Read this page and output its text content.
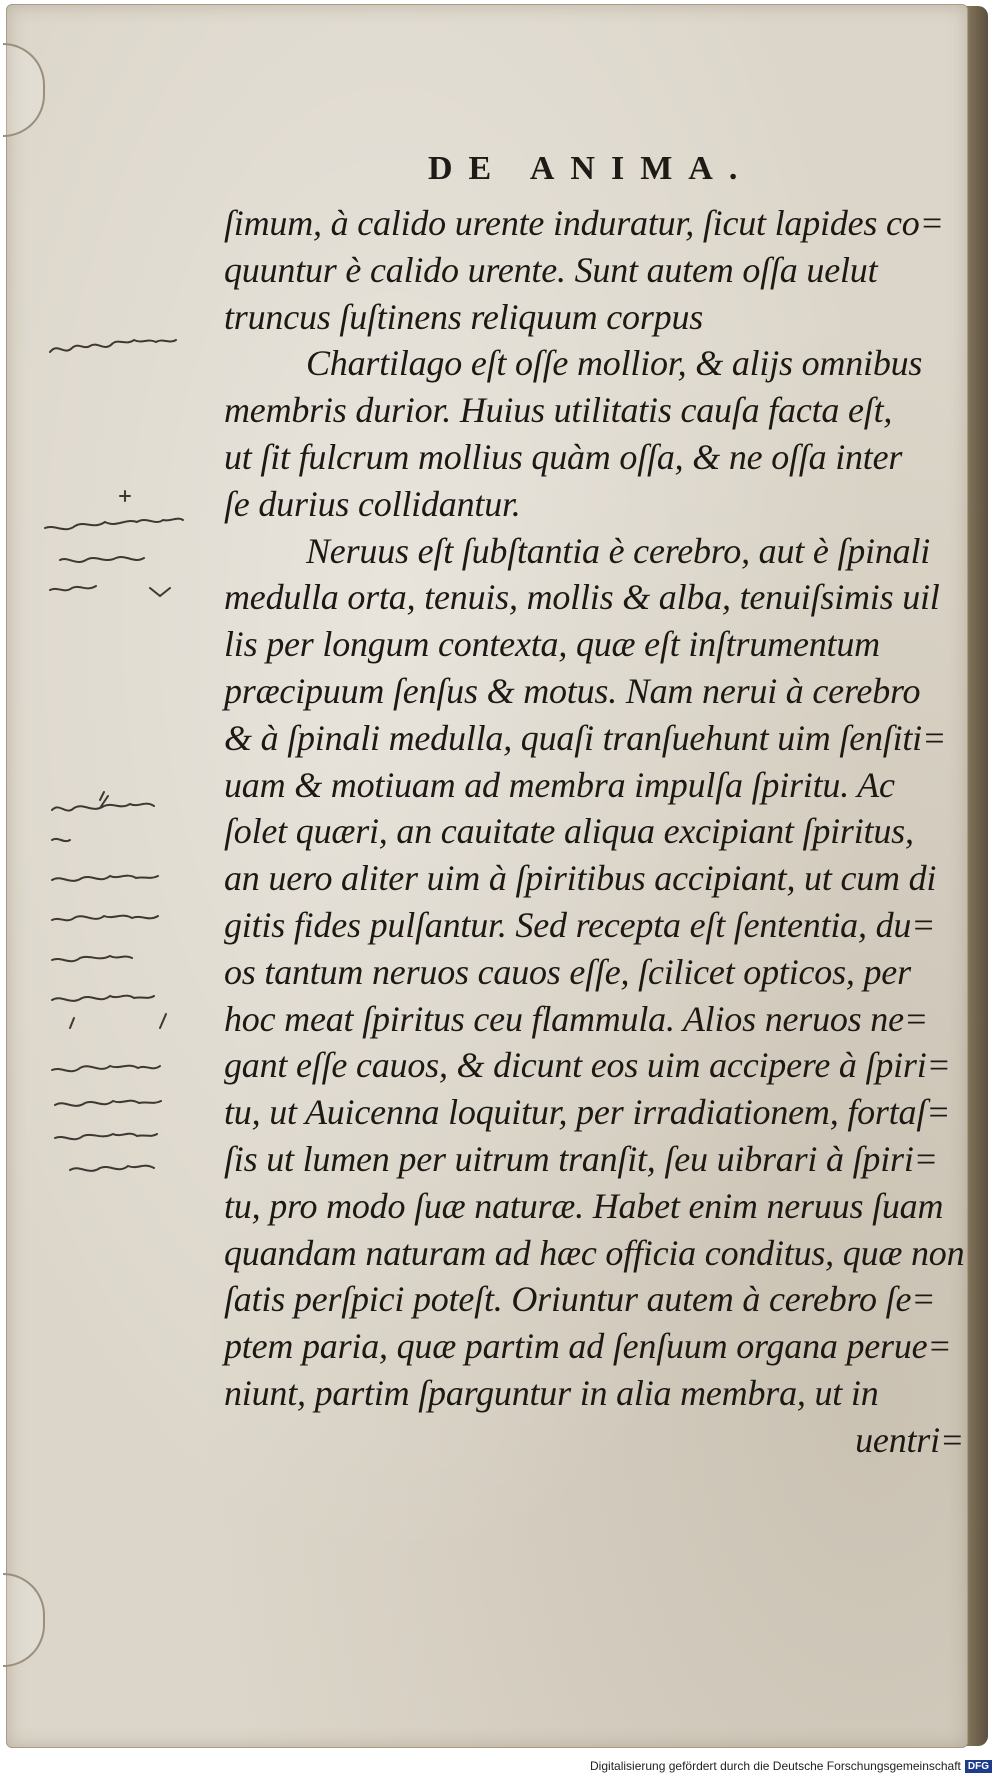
DE ANIMA.
ſimum, à calido urente induratur, ſicut lapides co=
quuntur è calido urente. Sunt autem oſſa uelut
truncus ſuſtinens reliquum corpus
Chartilago eſt oſſe mollior, & alijs omnibus
membris durior. Huius utilitatis cauſa facta eſt,
ut ſit fulcrum mollius quàm oſſa, & ne oſſa inter
ſe durius collidantur.
Neruus eſt ſubſtantia è cerebro, aut è ſpinali
medulla orta, tenuis, mollis & alba, tenuiſsimis uil
lis per longum contexta, quæ eſt inſtrumentum
præcipuum ſenſus & motus. Nam nerui à cerebro
& à ſpinali medulla, quaſi tranſuehunt uim ſenſiti=
uam & motiuam ad membra impulſa ſpiritu. Ac
ſolet quæri, an cauitate aliqua excipiant ſpiritus,
an uero aliter uim à ſpiritibus accipiant, ut cum di
gitis fides pulſantur. Sed recepta eſt ſententia, du=
os tantum neruos cauos eſſe, ſcilicet opticos, per
hoc meat ſpiritus ceu flammula. Alios neruos ne=
gant eſſe cauos, & dicunt eos uim accipere à ſpiri=
tu, ut Auicenna loquitur, per irradiationem, fortaſ=
ſis ut lumen per uitrum tranſit, ſeu uibrari à ſpiri=
tu, pro modo ſuæ naturæ. Habet enim neruus ſuam
quandam naturam ad hæc officia conditus, quæ non
ſatis perſpici poteſt. Oriuntur autem à cerebro ſe=
ptem paria, quæ partim ad ſenſuum organa perue=
niunt, partim ſparguntur in alia membra, ut in
uentri=
Digitalisierung gefördert durch die Deutsche Forschungsgemeinschaft DFG
